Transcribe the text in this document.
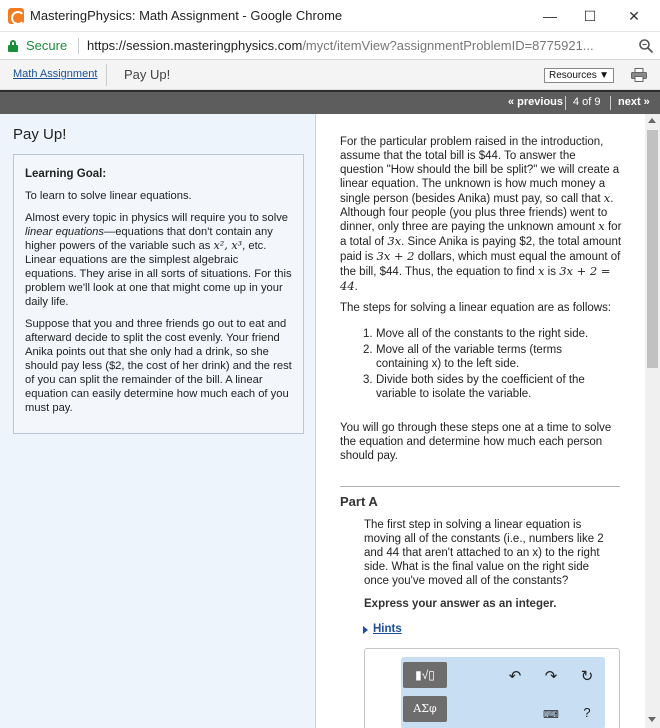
MasteringPhysics: Math Assignment - Google Chrome	—	☐	✕
Secure https://session.masteringphysics.com/myct/itemView?assignmentProblemID=8775921...
Math Assignment Pay Up!	Resources ▼
« previous 4 of 9 next »
Pay Up!
Learning Goal:

To learn to solve linear equations.

Almost every topic in physics will require you to solve linear equations—equations that don't contain any higher powers of the variable such as x², x³, etc. Linear equations are the simplest algebraic equations. They arise in all sorts of situations. For this problem we'll look at one that might come up in your daily life.

Suppose that you and three friends go out to eat and afterward decide to split the cost evenly. Your friend Anika points out that she only had a drink, so she should pay less ($2, the cost of her drink) and the rest of you can split the remainder of the bill. A linear equation can easily determine how much each of you must pay.

For the particular problem raised in the introduction, assume that the total bill is $44. To answer the question "How should the bill be split?" we will create a linear equation. The unknown is how much money a single person (besides Anika) must pay, so call that x. Although four people (you plus three friends) went to dinner, only three are paying the unknown amount x for a total of 3x. Since Anika is paying $2, the total amount paid is 3x + 2 dollars, which must equal the amount of the bill, $44. Thus, the equation to find x is 3x + 2 = 44.
The steps for solving a linear equation are as follows:
1. Move all of the constants to the right side.
2. Move all of the variable terms (terms containing x) to the left side.
3. Divide both sides by the coefficient of the variable to isolate the variable.
You will go through these steps one at a time to solve the equation and determine how much each person should pay.
Part A
The first step in solving a linear equation is moving all of the constants (i.e., numbers like 2 and 44 that aren't attached to an x) to the right side. What is the final value on the right side once you've moved all of the constants?
Express your answer as an integer.
Hints
▮√▯
ΑΣφ
↶ ↷ ↻
⌨	?
